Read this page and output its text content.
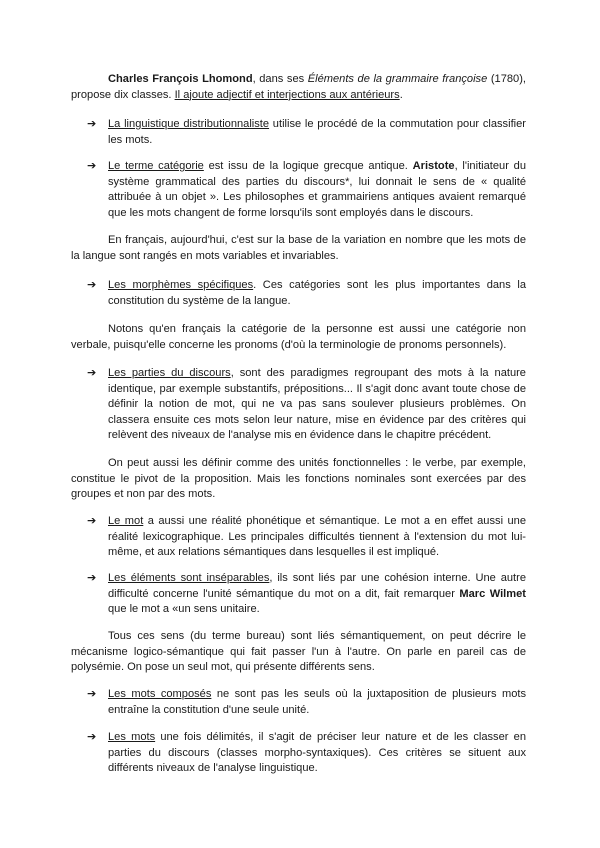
Charles François Lhomond, dans ses Éléments de la grammaire françoise (1780), propose dix classes. Il ajoute adjectif et interjections aux antérieurs.

➔	La linguistique distributionnaliste utilise le procédé de la commutation pour classifier les mots.
➔	Le terme catégorie est issu de la logique grecque antique. Aristote, l'initiateur du système grammatical des parties du discours*, lui donnait le sens de « qualité attribuée à un objet ». Les philosophes et grammairiens antiques avaient remarqué que les mots changent de forme lorsqu'ils sont employés dans le discours.

En français, aujourd'hui, c'est sur la base de la variation en nombre que les mots de la langue sont rangés en mots variables et invariables.

➔	Les morphèmes spécifiques. Ces catégories sont les plus importantes dans la constitution du système de la langue.

Notons qu'en français la catégorie de la personne est aussi une catégorie non verbale, puisqu'elle concerne les pronoms (d'où la terminologie de pronoms personnels).

➔	Les parties du discours, sont des paradigmes regroupant des mots à la nature identique, par exemple substantifs, prépositions... Il s'agit donc avant toute chose de définir la notion de mot, qui ne va pas sans soulever plusieurs problèmes. On classera ensuite ces mots selon leur nature, mise en évidence par des critères qui relèvent des niveaux de l'analyse mis en évidence dans le chapitre précédent.

On peut aussi les définir comme des unités fonctionnelles : le verbe, par exemple, constitue le pivot de la proposition. Mais les fonctions nominales sont exercées par des groupes et non par des mots.

➔	Le mot a aussi une réalité phonétique et sémantique. Le mot a en effet aussi une réalité lexicographique. Les principales difficultés tiennent à l'extension du mot lui-même, et aux relations sémantiques dans lesquelles il est impliqué.
➔	Les éléments sont inséparables, ils sont liés par une cohésion interne. Une autre difficulté concerne l'unité sémantique du mot on a dit, fait remarquer Marc Wilmet que le mot a «un sens unitaire.

Tous ces sens (du terme bureau) sont liés sémantiquement, on peut décrire le mécanisme logico-sémantique qui fait passer l'un à l'autre. On parle en pareil cas de polysémie. On pose un seul mot, qui présente différents sens.

➔	Les mots composés ne sont pas les seuls où la juxtaposition de plusieurs mots entraîne la constitution d'une seule unité.
➔	Les mots une fois délimités, il s'agit de préciser leur nature et de les classer en parties du discours (classes morpho-syntaxiques). Ces critères se situent aux différents niveaux de l'analyse linguistique.
